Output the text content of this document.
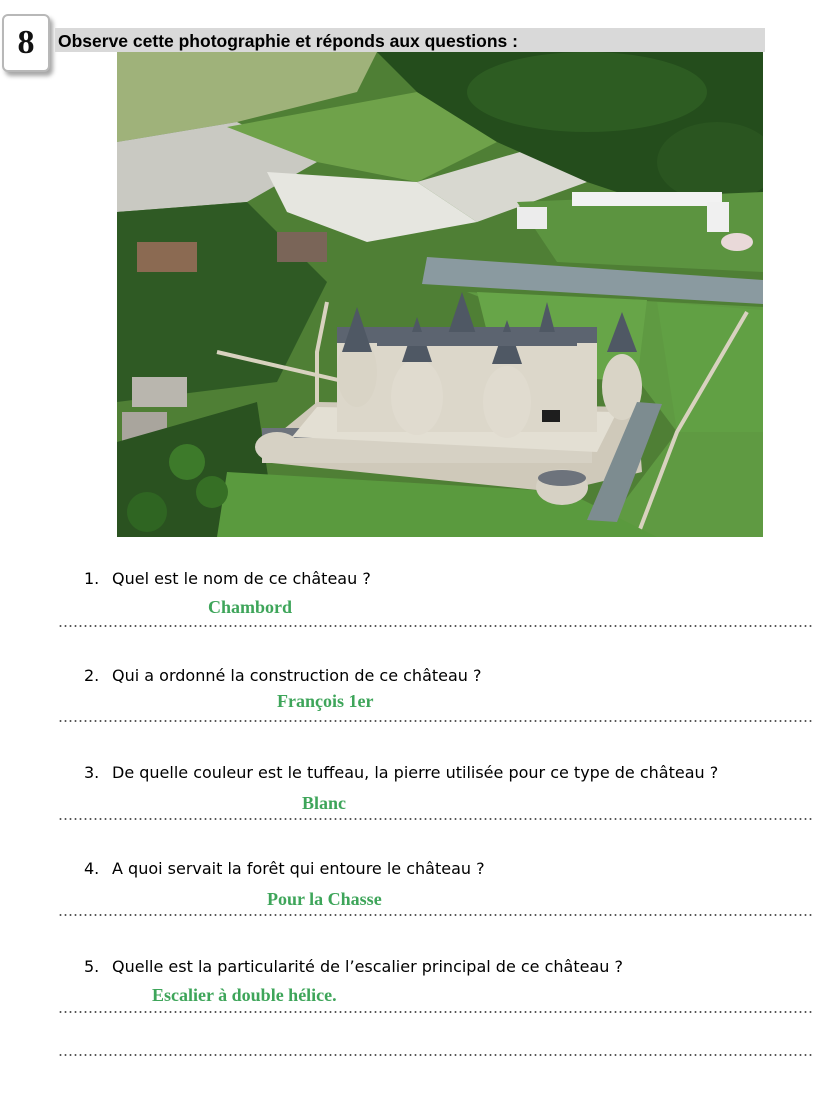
8 Observe cette photographie et réponds aux questions :
1. Quel est le nom de ce château ?
Chambord
2. Qui a ordonné la construction de ce château ?
François 1er
3. De quelle couleur est le tuffeau, la pierre utilisée pour ce type de château ?
Blanc
4. A quoi servait la forêt qui entoure le château ?
Pour la Chasse
5. Quelle est la particularité de l’escalier principal de ce château ?
Escalier à double hélice.
